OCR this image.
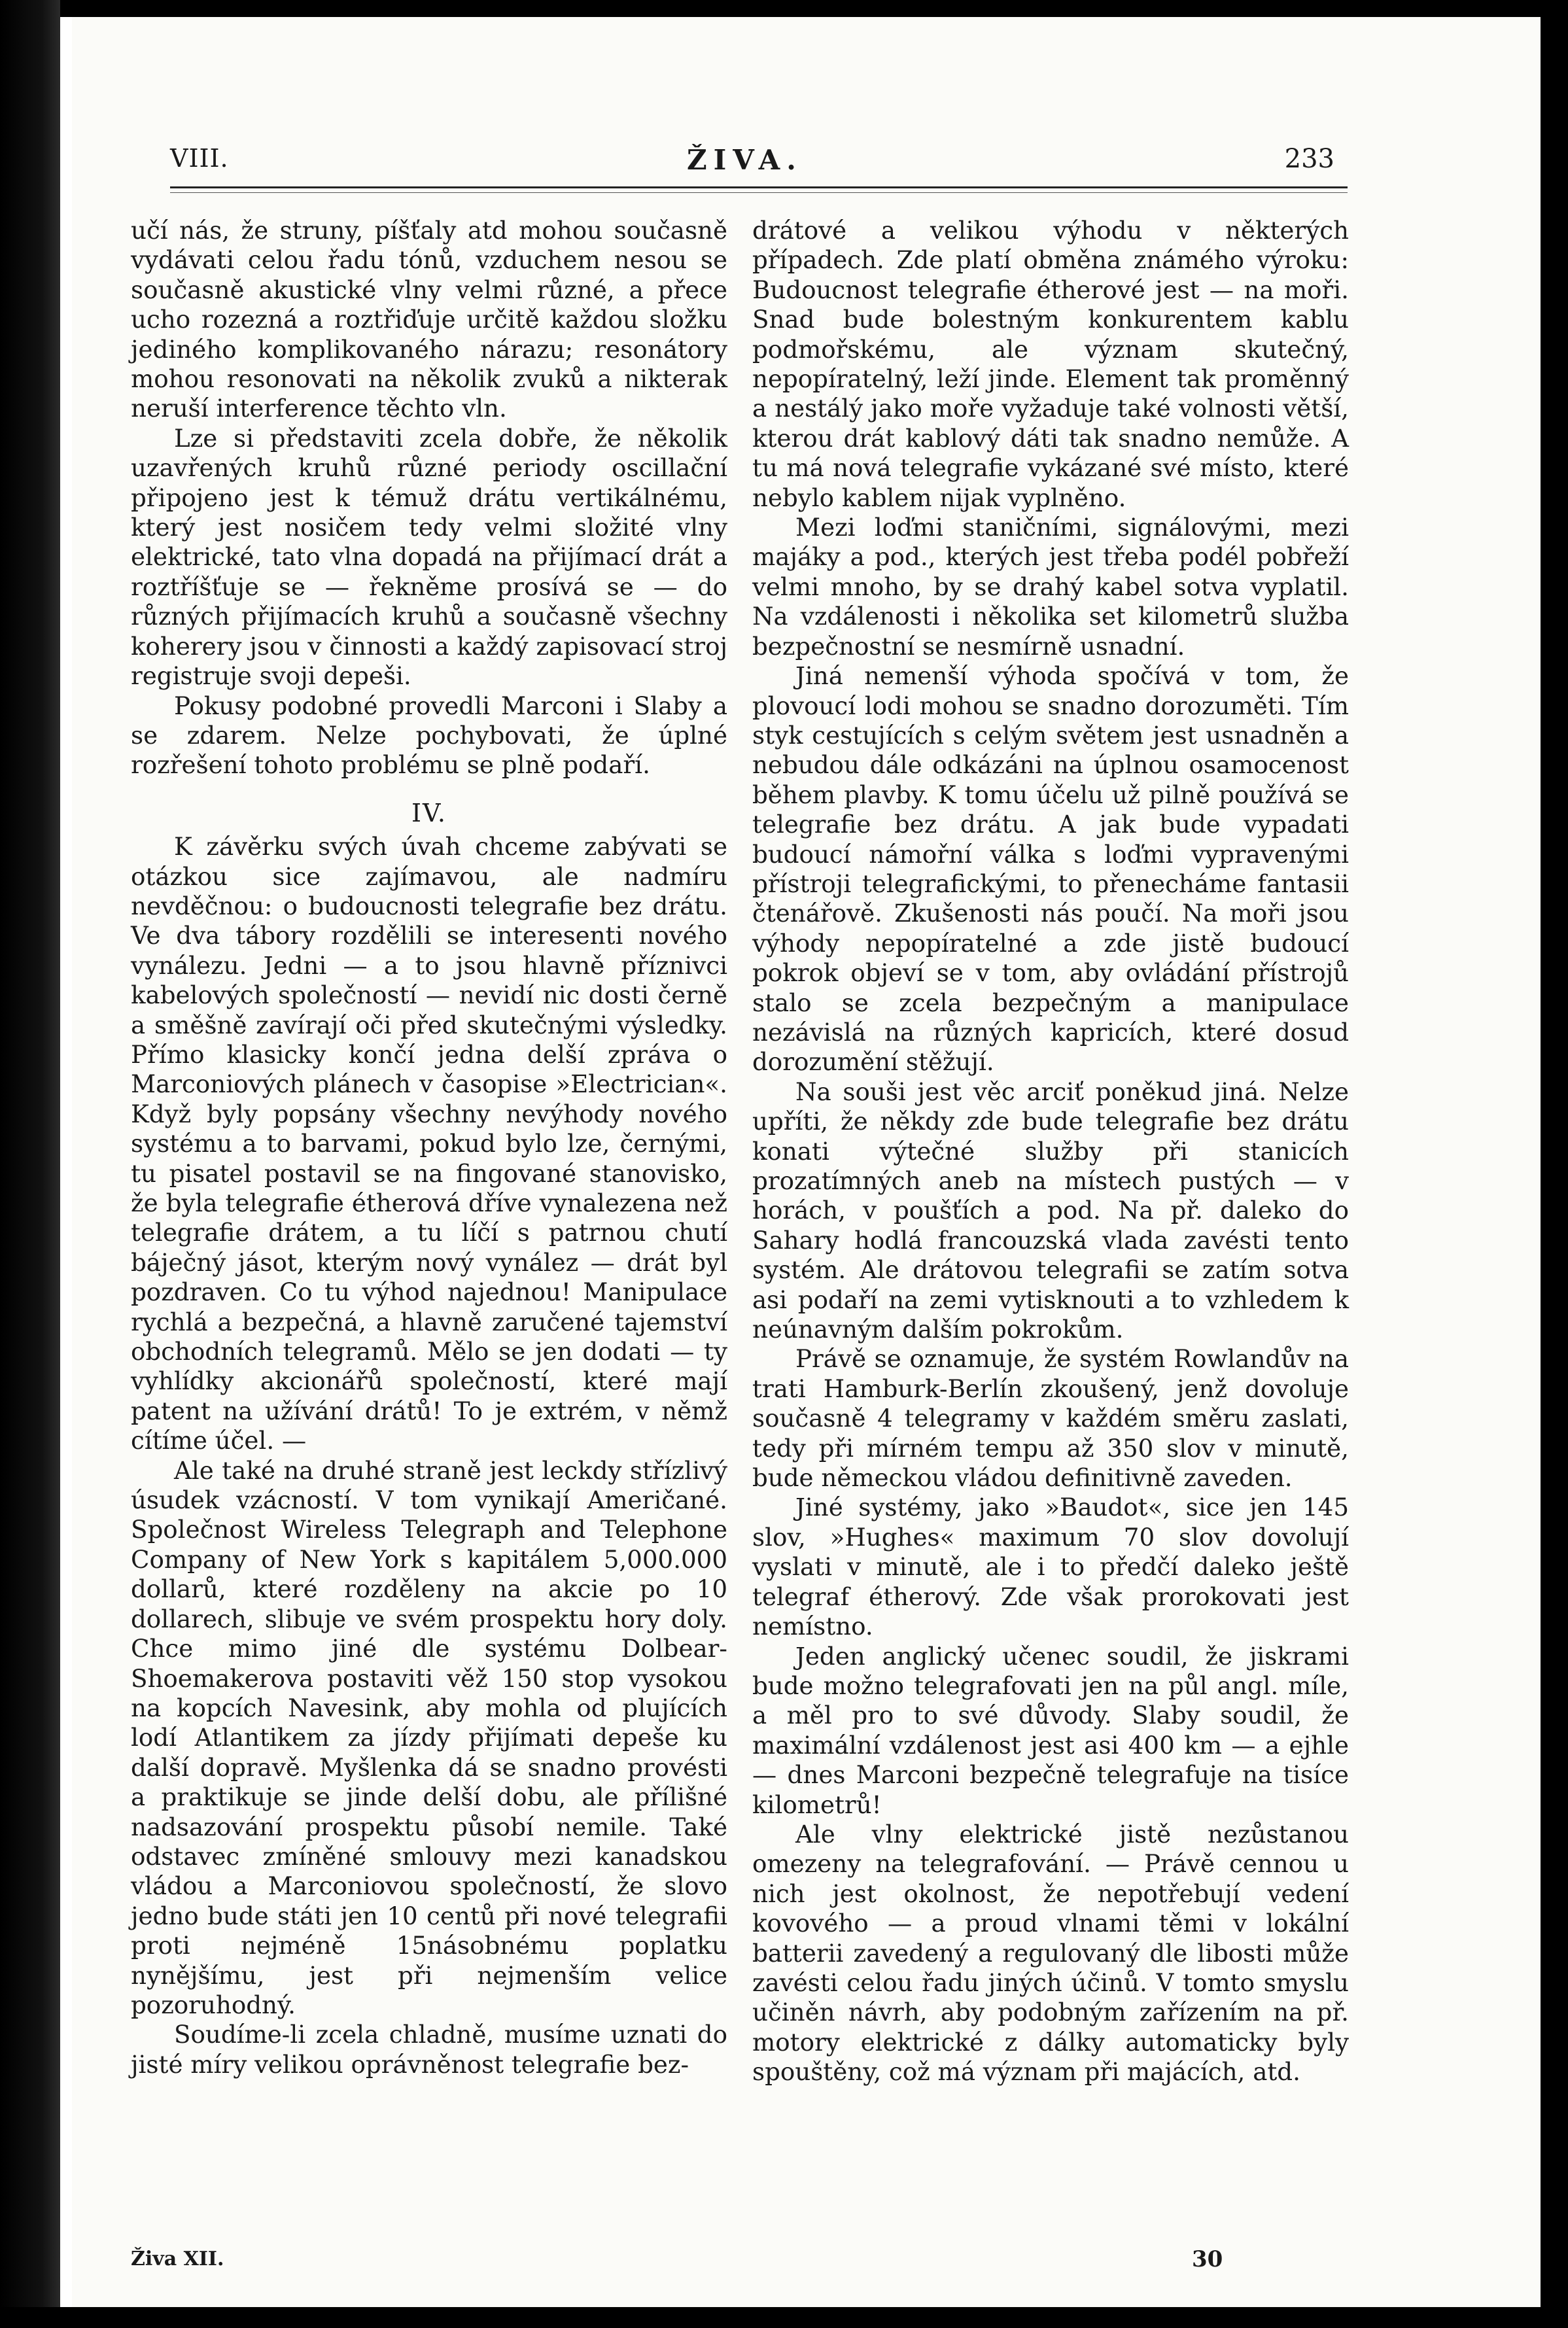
VIII.	ŽIVA.	233

učí nás, že struny, píšťaly atd mohou současně vydávati celou řadu tónů, vzduchem nesou se současně akustické vlny velmi různé, a přece ucho rozezná a roztřiďuje určitě každou složku jediného komplikovaného nárazu; resonátory mohou resonovati na několik zvuků a nikterak neruší interference těchto vln.

Lze si představiti zcela dobře, že několik uzavřených kruhů různé periody oscillační připojeno jest k témuž drátu vertikálnému, který jest nosičem tedy velmi složité vlny elektrické, tato vlna dopadá na přijímací drát a roztříšťuje se — řekněme prosívá se — do různých přijímacích kruhů a současně všechny koherery jsou v činnosti a každý zapisovací stroj registruje svoji depeši.

Pokusy podobné provedli Marconi i Slaby a se zdarem. Nelze pochybovati, že úplné rozřešení tohoto problému se plně podaří.

IV.

K závěrku svých úvah chceme zabývati se otázkou sice zajímavou, ale nadmíru nevděčnou: o budoucnosti telegrafie bez drátu. Ve dva tábory rozdělili se interesenti nového vynálezu. Jedni — a to jsou hlavně příznivci kabelových společností — nevidí nic dosti černě a směšně zavírají oči před skutečnými výsledky. Přímo klasicky končí jedna delší zpráva o Marconiových plánech v časopise »Electrician«. Když byly popsány všechny nevýhody nového systému a to barvami, pokud bylo lze, černými, tu pisatel postavil se na fingované stanovisko, že byla telegrafie étherová dříve vynalezena než telegrafie drátem, a tu líčí s patrnou chutí báječný jásot, kterým nový vynález — drát byl pozdraven. Co tu výhod najednou! Manipulace rychlá a bezpečná, a hlavně zaručené tajemství obchodních telegramů. Mělo se jen dodati — ty vyhlídky akcionářů společností, které mají patent na užívání drátů! To je extrém, v němž cítíme účel. —

Ale také na druhé straně jest leckdy střízlivý úsudek vzácností. V tom vynikají Američané. Společnost Wireless Telegraph and Telephone Company of New York s kapitálem 5,000.000 dollarů, které rozděleny na akcie po 10 dollarech, slibuje ve svém prospektu hory doly. Chce mimo jiné dle systému Dolbear-Shoemakerova postaviti věž 150 stop vysokou na kopcích Navesink, aby mohla od plujících lodí Atlantikem za jízdy přijímati depeše ku další dopravě. Myšlenka dá se snadno provésti a praktikuje se jinde delší dobu, ale přílišné nadsazování prospektu působí nemile. Také odstavec zmíněné smlouvy mezi kanadskou vládou a Marconiovou společností, že slovo jedno bude státi jen 10 centů při nové telegrafii proti nejméně 15násobnému poplatku nynějšímu, jest při nejmenším velice pozoruhodný.

Soudíme-li zcela chladně, musíme uznati do jisté míry velikou oprávněnost telegrafie bez-

drátové a velikou výhodu v některých případech. Zde platí obměna známého výroku: Budoucnost telegrafie étherové jest — na moři. Snad bude bolestným konkurentem kablu podmořskému, ale význam skutečný, nepopíratelný, leží jinde. Element tak proměnný a nestálý jako moře vyžaduje také volnosti větší, kterou drát kablový dáti tak snadno nemůže. A tu má nová telegrafie vykázané své místo, které nebylo kablem nijak vyplněno.

Mezi loďmi staničními, signálovými, mezi majáky a pod., kterých jest třeba podél pobřeží velmi mnoho, by se drahý kabel sotva vyplatil. Na vzdálenosti i několika set kilometrů služba bezpečnostní se nesmírně usnadní.

Jiná nemenší výhoda spočívá v tom, že plovoucí lodi mohou se snadno dorozuměti. Tím styk cestujících s celým světem jest usnadněn a nebudou dále odkázáni na úplnou osamocenost během plavby. K tomu účelu už pilně používá se telegrafie bez drátu. A jak bude vypadati budoucí námořní válka s loďmi vypravenými přístroji telegrafickými, to přenecháme fantasii čtenářově. Zkušenosti nás poučí. Na moři jsou výhody nepopíratelné a zde jistě budoucí pokrok objeví se v tom, aby ovládání přístrojů stalo se zcela bezpečným a manipulace nezávislá na různých kapricích, které dosud dorozumění stěžují.

Na souši jest věc arciť poněkud jiná. Nelze upříti, že někdy zde bude telegrafie bez drátu konati výtečné služby při stanicích prozatímných aneb na místech pustých — v horách, v poušťích a pod. Na př. daleko do Sahary hodlá francouzská vlada zavésti tento systém. Ale drátovou telegrafii se zatím sotva asi podaří na zemi vytisknouti a to vzhledem k neúnavným dalším pokrokům.

Právě se oznamuje, že systém Rowlandův na trati Hamburk-Berlín zkoušený, jenž dovoluje současně 4 telegramy v každém směru zaslati, tedy při mírném tempu až 350 slov v minutě, bude německou vládou definitivně zaveden.

Jiné systémy, jako »Baudot«, sice jen 145 slov, »Hughes« maximum 70 slov dovolují vyslati v minutě, ale i to předčí daleko ještě telegraf étherový. Zde však prorokovati jest nemístno.

Jeden anglický učenec soudil, že jiskrami bude možno telegrafovati jen na půl angl. míle, a měl pro to své důvody. Slaby soudil, že maximální vzdálenost jest asi 400 km — a ejhle — dnes Marconi bezpečně telegrafuje na tisíce kilometrů!

Ale vlny elektrické jistě nezůstanou omezeny na telegrafování. — Právě cennou u nich jest okolnost, že nepotřebují vedení kovového — a proud vlnami těmi v lokální batterii zavedený a regulovaný dle libosti může zavésti celou řadu jiných účinů. V tomto smyslu učiněn návrh, aby podobným zařízením na př. motory elektrické z dálky automaticky byly spouštěny, což má význam při majácích, atd.

Živa XII.	30
